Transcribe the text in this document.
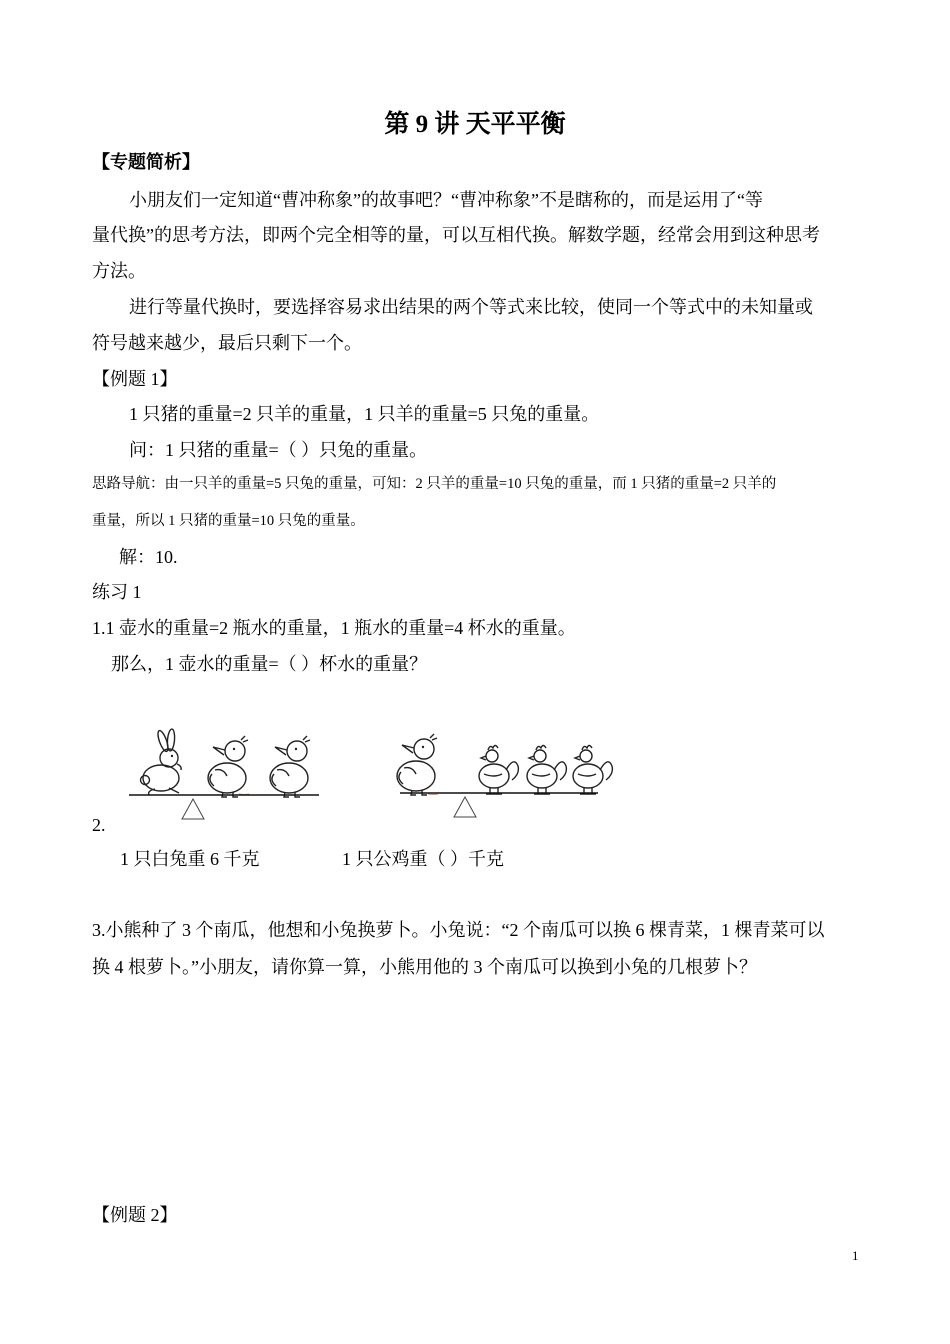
第 9 讲 天平平衡
【专题简析】
小朋友们一定知道“曹冲称象”的故事吧？“曹冲称象”不是瞎称的，而是运用了“等
量代换”的思考方法，即两个完全相等的量，可以互相代换。解数学题，经常会用到这种思考
方法。
进行等量代换时，要选择容易求出结果的两个等式来比较，使同一个等式中的未知量或
符号越来越少，最后只剩下一个。
【例题 1】
1 只猪的重量=2 只羊的重量，1 只羊的重量=5 只兔的重量。
问：1 只猪的重量=（ ）只兔的重量。
思路导航：由一只羊的重量=5 只兔的重量，可知：2 只羊的重量=10 只兔的重量，而 1 只猪的重量=2 只羊的
重量，所以 1 只猪的重量=10 只兔的重量。
解：10.
练习 1
1.1 壶水的重量=2 瓶水的重量，1 瓶水的重量=4 杯水的重量。
那么，1 壶水的重量=（ ）杯水的重量？
2.
1 只白兔重 6 千克	1 只公鸡重（ ）千克
3.小熊种了 3 个南瓜，他想和小兔换萝卜。小兔说：“2 个南瓜可以换 6 棵青菜，1 棵青菜可以
换 4 根萝卜。”小朋友，请你算一算，小熊用他的 3 个南瓜可以换到小兔的几根萝卜？
【例题 2】
1
